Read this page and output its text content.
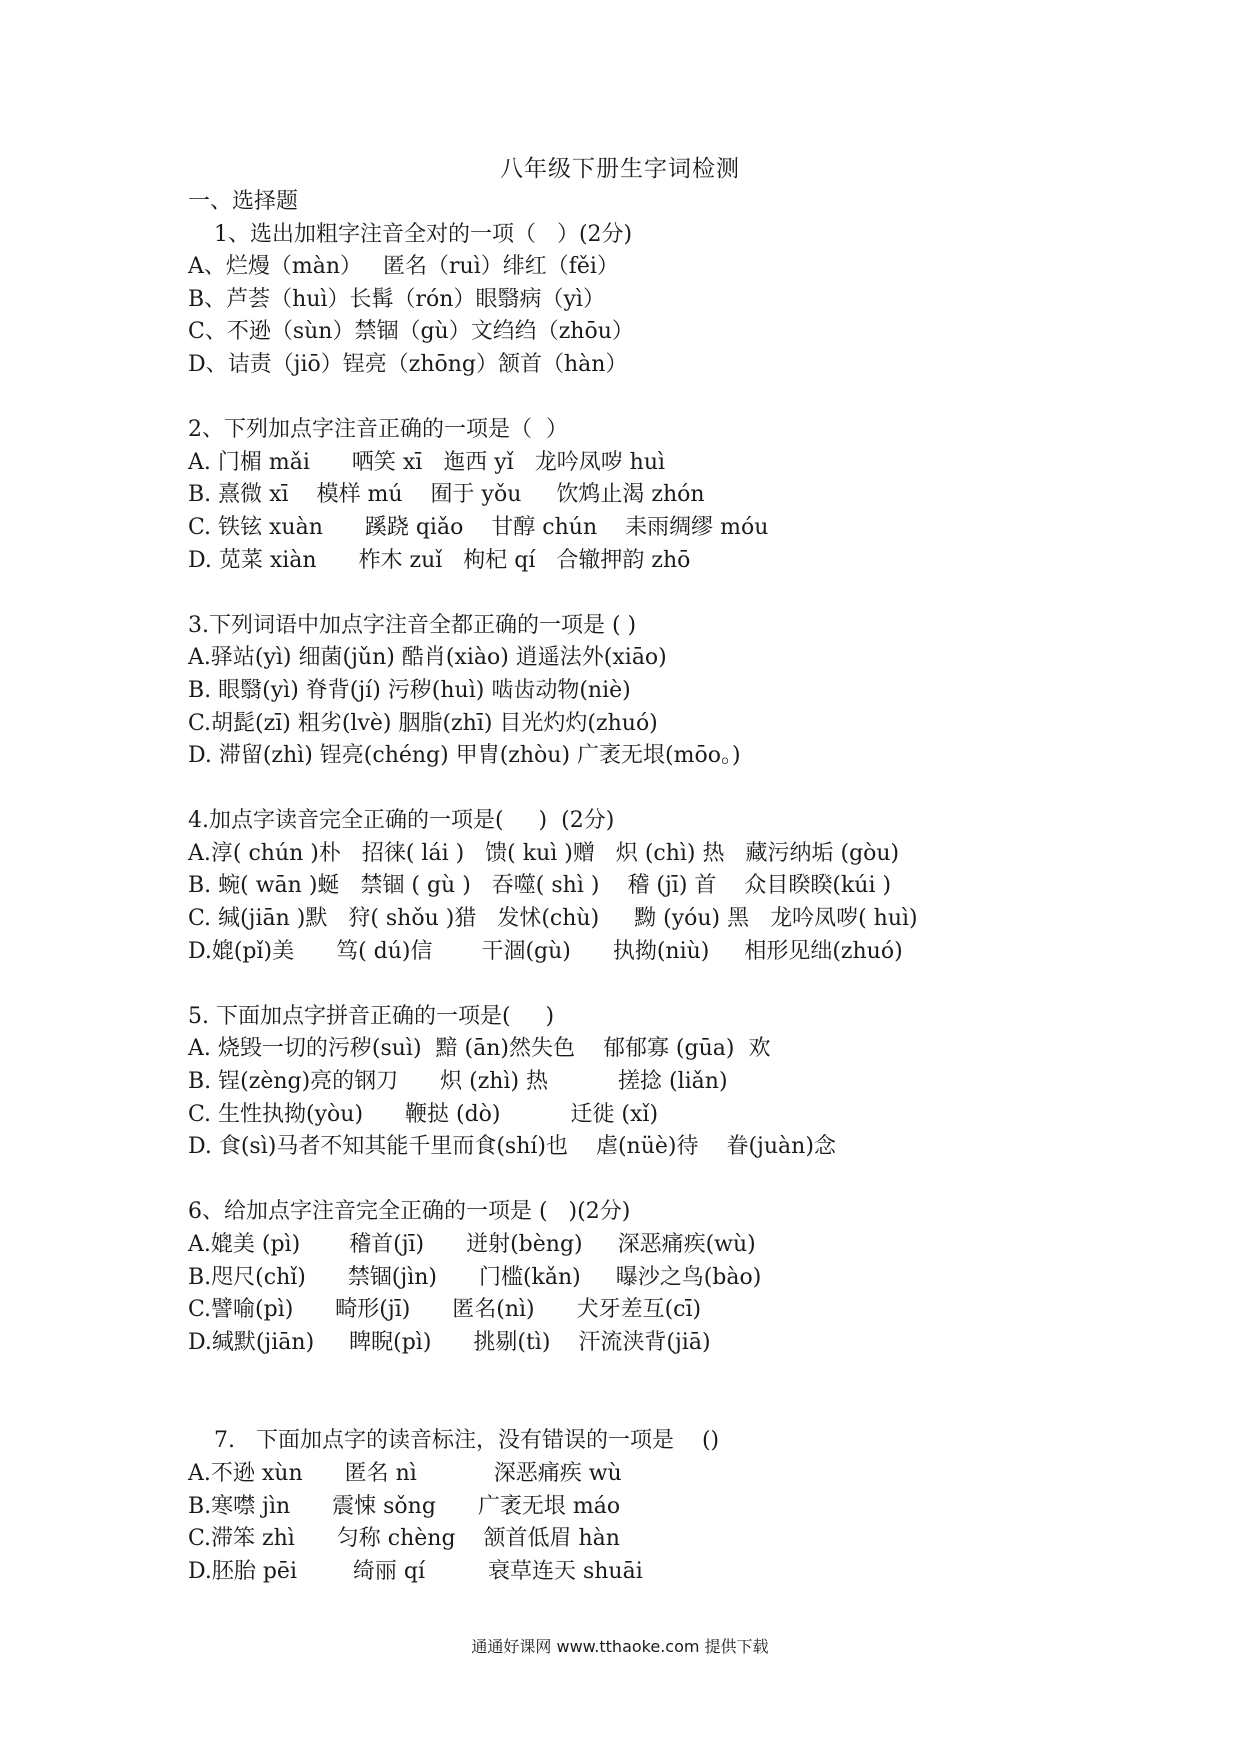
八年级下册生字词检测
一、选择题
1、选出加粗字注音全对的一项（   ）(2分)
A、烂熳（màn）   匿名（ruì）绯红（fěi）
B、芦荟（huì）长髯（rón）眼翳病（yì）
C、不逊（sùn）禁锢（gù）文绉绉（zhōu）
D、诘责（jiō）锃亮（zhōng）颔首（hàn）
2、下列加点字注音正确的一项是（  ）
A. 门楣 mǎi      哂笑 xī   迤西 yǐ   龙吟凤哕 huì
B. 熹微 xī    模样 mú    囿于 yǒu     饮鸩止渴 zhón
C. 铁铉 xuàn      蹊跷 qiǎo    甘醇 chún    耒雨绸缪 móu
D. 苋菜 xiàn      柞木 zuǐ   枸杞 qí   合辙押韵 zhō
3.下列词语中加点字注音全都正确的一项是 ( )
A.驿站(yì) 细菌(jǔn) 酷肖(xiào) 逍遥法外(xiāo)
B. 眼翳(yì) 脊背(jí) 污秽(huì) 啮齿动物(niè)
C.胡髭(zī) 粗劣(lvè) 胭脂(zhī) 目光灼灼(zhuó)
D. 滞留(zhì) 锃亮(chéng) 甲胄(zhòu) 广袤无垠(mōo。)
4.加点字读音完全正确的一项是(     )  (2分)
A.淳( chún )朴   招徕( lái )   馈( kuì )赠   炽 (chì) 热   藏污纳垢 (gòu)
B. 蜿( wān )蜒   禁锢 ( gù )   吞噬( shì )    稽 (jī) 首    众目睽睽(kúi )
C. 缄(jiān )默   狩( shǒu )猎   发怵(chù)     黝 (yóu) 黑   龙吟凤哕( huì)
D.媲(pǐ)美      笃( dú)信       干涸(gù)      执拗(niù)     相形见绌(zhuó)
5. 下面加点字拼音正确的一项是(     )
A. 烧毁一切的污秽(suì)  黯 (ān)然失色    郁郁寡 (gūa)  欢
B. 锃(zèng)亮的钢刀      炽 (zhì) 热          搓捻 (liǎn)
C. 生性执拗(yòu)      鞭挞 (dò)          迁徙 (xǐ)
D. 食(sì)马者不知其能千里而食(shí)也    虐(nüè)待    眷(juàn)念
6、给加点字注音完全正确的一项是 (   )(2分)
A.媲美 (pì)       稽首(jī)      迸射(bèng)     深恶痛疾(wù)
B.咫尺(chǐ)      禁锢(jìn)      门槛(kǎn)     曝沙之鸟(bào)
C.譬喻(pì)      畸形(jī)      匿名(nì)      犬牙差互(cī)
D.缄默(jiān)     睥睨(pì)      挑剔(tì)    汗流浃背(jiā)
7.   下面加点字的读音标注，没有错误的一项是    ()
A.不逊 xùn      匿名 nì           深恶痛疾 wù
B.寒噤 jìn      震悚 sǒng      广袤无垠 máo
C.滞笨 zhì      匀称 chèng    颔首低眉 hàn
D.胚胎 pēi        绮丽 qí         衰草连天 shuāi
通通好课网 www.tthaoke.com 提供下载
